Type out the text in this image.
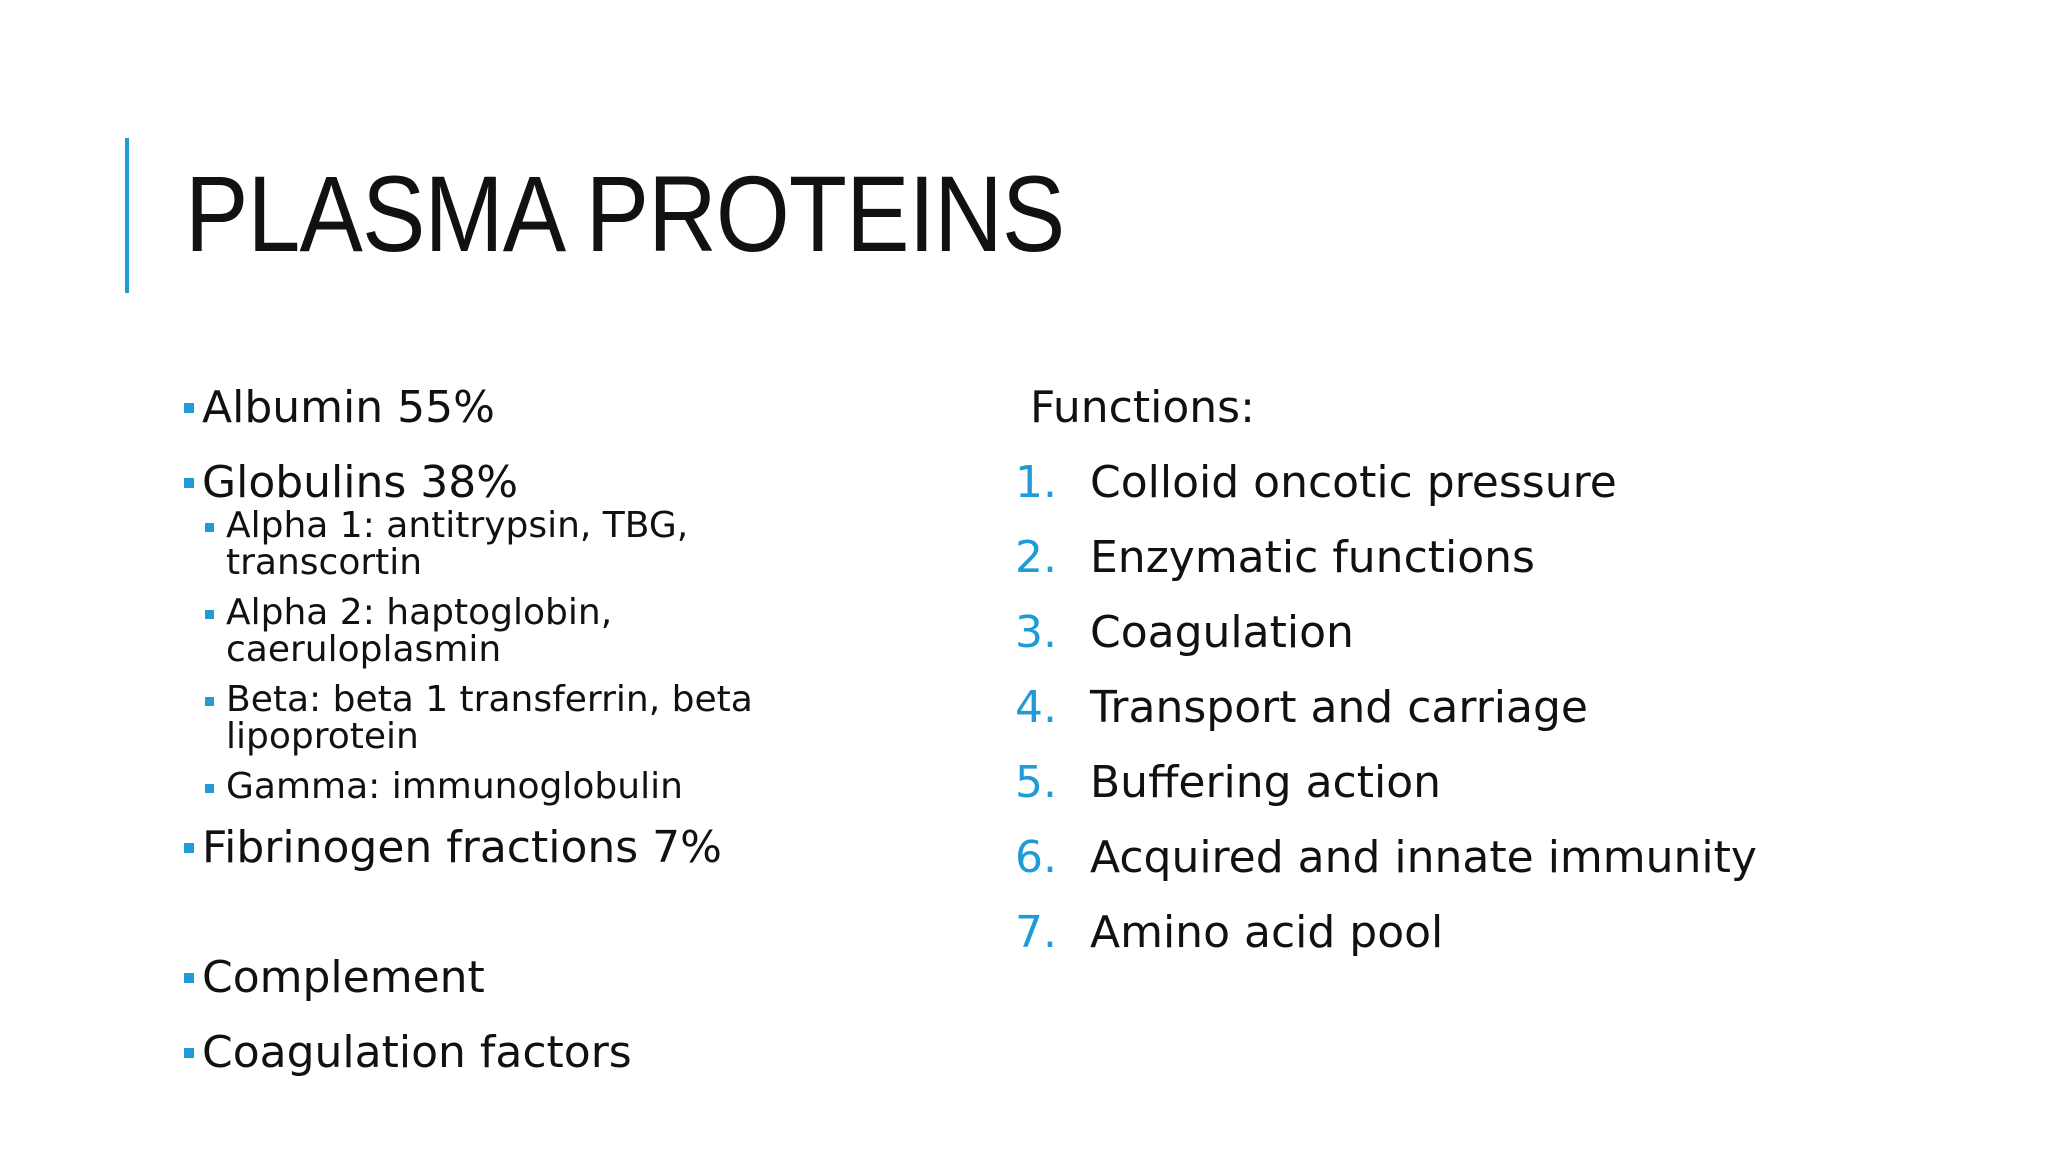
PLASMA PROTEINS
Albumin 55%
Globulins 38%
Alpha 1: antitrypsin, TBG, transcortin
Alpha 2: haptoglobin, caeruloplasmin
Beta: beta 1 transferrin, beta lipoprotein
Gamma: immunoglobulin
Fibrinogen fractions 7%
Complement
Coagulation factors
Functions:
1. Colloid oncotic pressure
2. Enzymatic functions
3. Coagulation
4. Transport and carriage
5. Buffering action
6. Acquired and innate immunity
7. Amino acid pool
